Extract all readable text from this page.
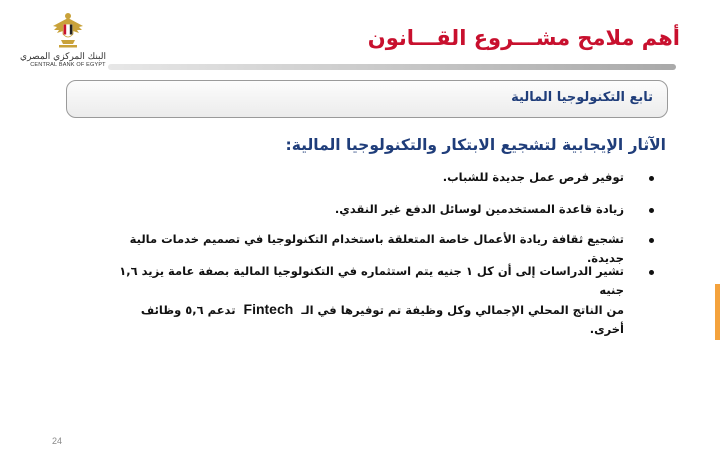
البنك المركزي المصري
CENTRAL BANK OF EGYPT
أهم ملامح مشـــروع القـــانون
تابع التكنولوجيا المالية
الآثار الإيجابية لتشجيع الابتكار والتكنولوجيا المالية:
توفير فرص عمل جديدة للشباب.
زيادة قاعدة المستخدمين لوسائل الدفع غير النقدي.
تشجيع ثقافة ريادة الأعمال خاصة المتعلقة باستخدام التكنولوجيا في تصميم خدمات مالية جديدة.
تشير الدراسات إلى أن كل ١ جنيه يتم استثماره في التكنولوجيا المالية بصفة عامة يزيد ١,٦ جنيه
من الناتج المحلي الإجمالي وكل وظيفة تم توفيرها في الـ Fintech تدعم ٥,٦ وظائف أخرى.
24
